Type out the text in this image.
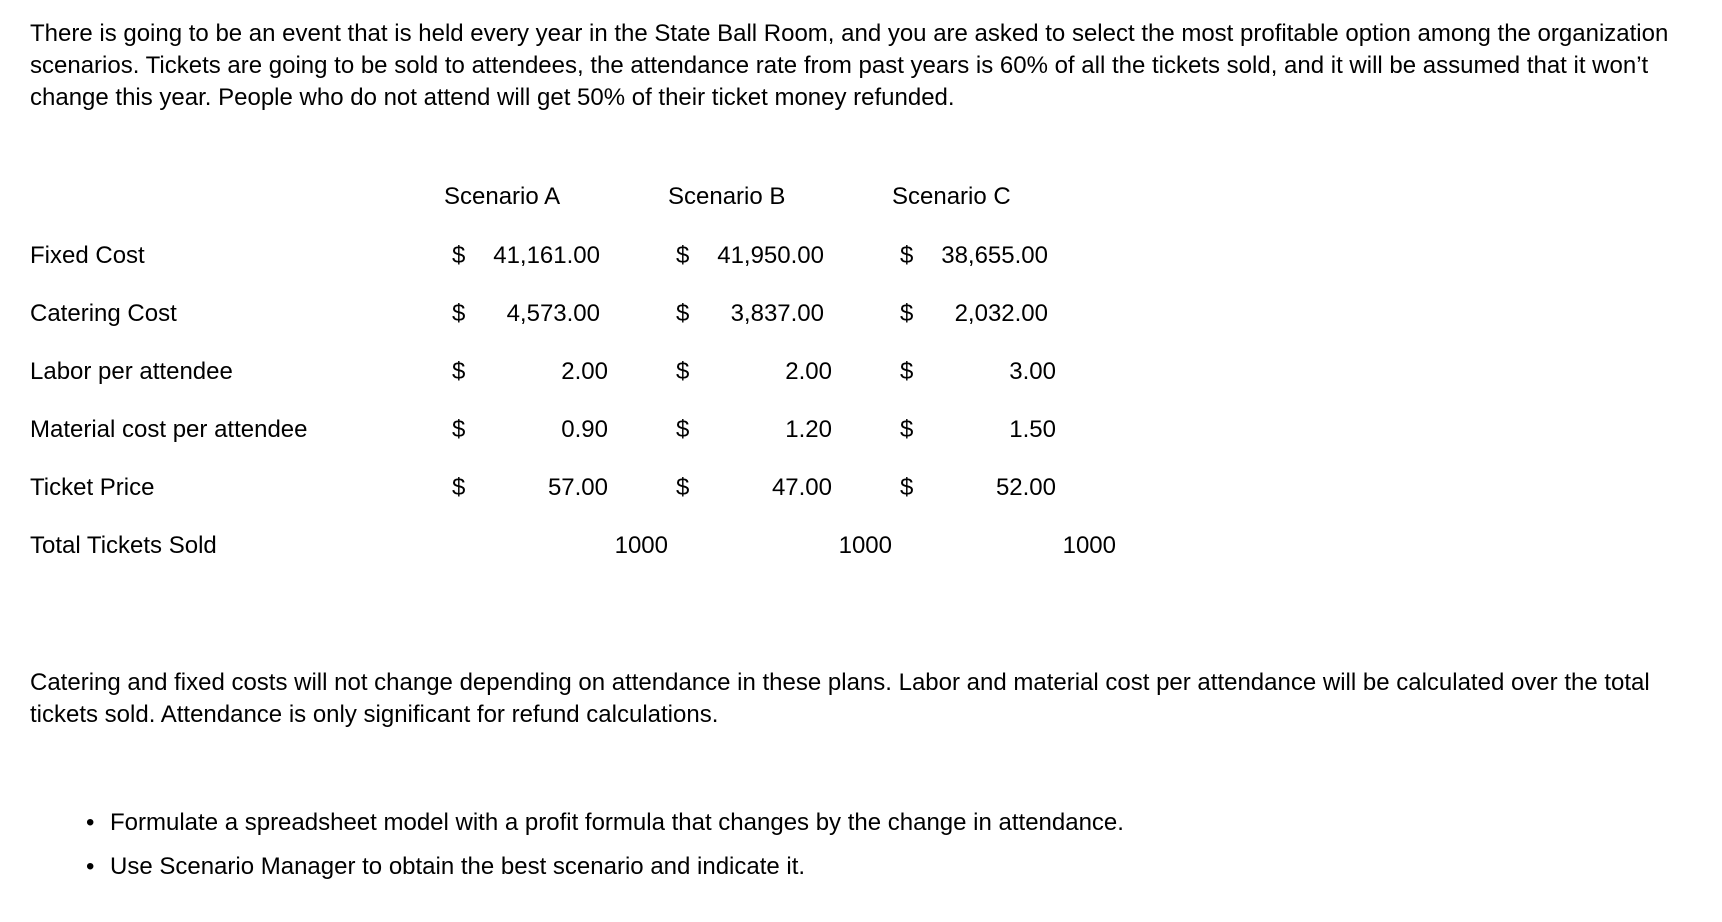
There is going to be an event that is held every year in the State Ball Room, and you are asked to select the most profitable option among the organization scenarios. Tickets are going to be sold to attendees, the attendance rate from past years is 60% of all the tickets sold, and it will be assumed that it won’t change this year. People who do not attend will get 50% of their ticket money refunded.

Scenario A	Scenario B	Scenario C
Fixed Cost	$ 41,161.00	$ 41,950.00	$ 38,655.00
Catering Cost	$ 4,573.00	$ 3,837.00	$ 2,032.00
Labor per attendee	$	2.00	$	2.00	$	3.00
Material cost per attendee	$	0.90	$	1.20	$	1.50
Ticket Price	$	57.00	$	47.00	$	52.00
Total Tickets Sold	1000	1000	1000

Catering and fixed costs will not change depending on attendance in these plans. Labor and material cost per attendance will be calculated over the total tickets sold. Attendance is only significant for refund calculations.

• Formulate a spreadsheet model with a profit formula that changes by the change in attendance.
• Use Scenario Manager to obtain the best scenario and indicate it.
